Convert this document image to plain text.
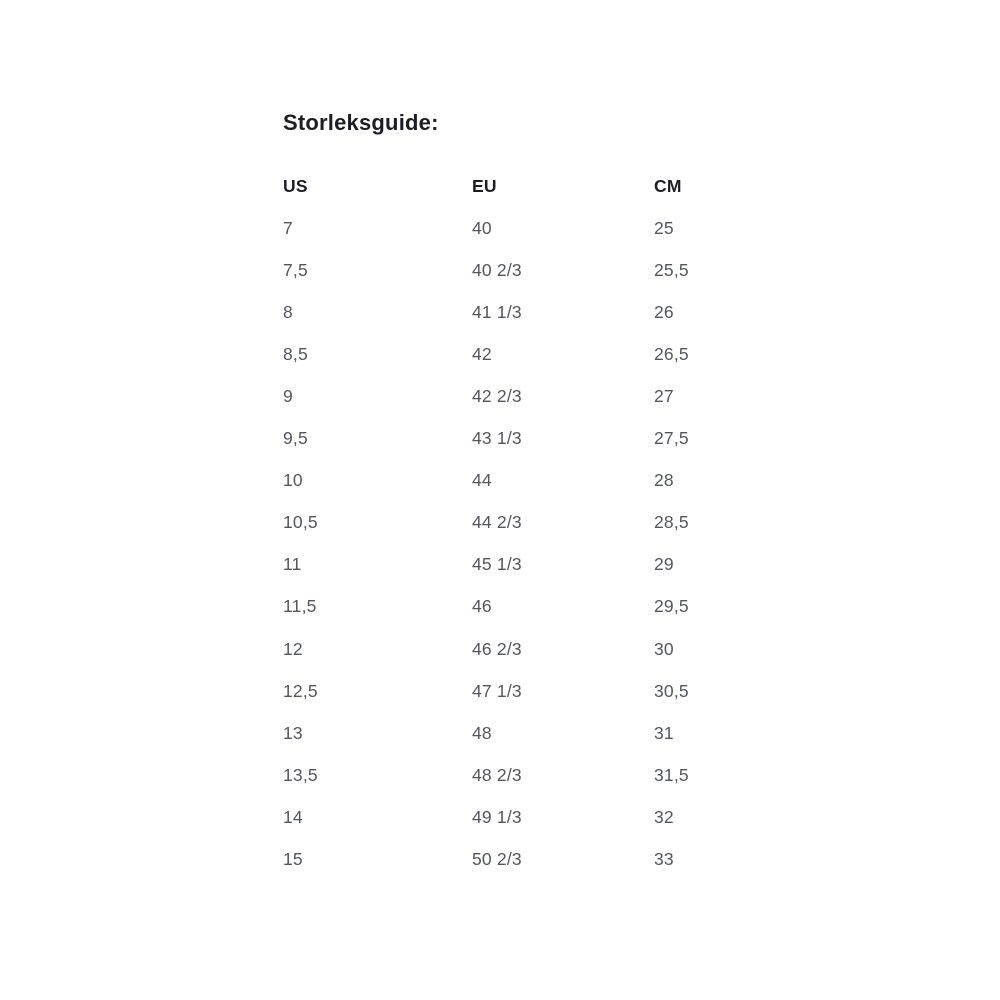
Storleksguide:
US	EU	CM
7	40	25
7,5	40 2/3	25,5
8	41 1/3	26
8,5	42	26,5
9	42 2/3	27
9,5	43 1/3	27,5
10	44	28
10,5	44 2/3	28,5
11	45 1/3	29
11,5	46	29,5
12	46 2/3	30
12,5	47 1/3	30,5
13	48	31
13,5	48 2/3	31,5
14	49 1/3	32
15	50 2/3	33
